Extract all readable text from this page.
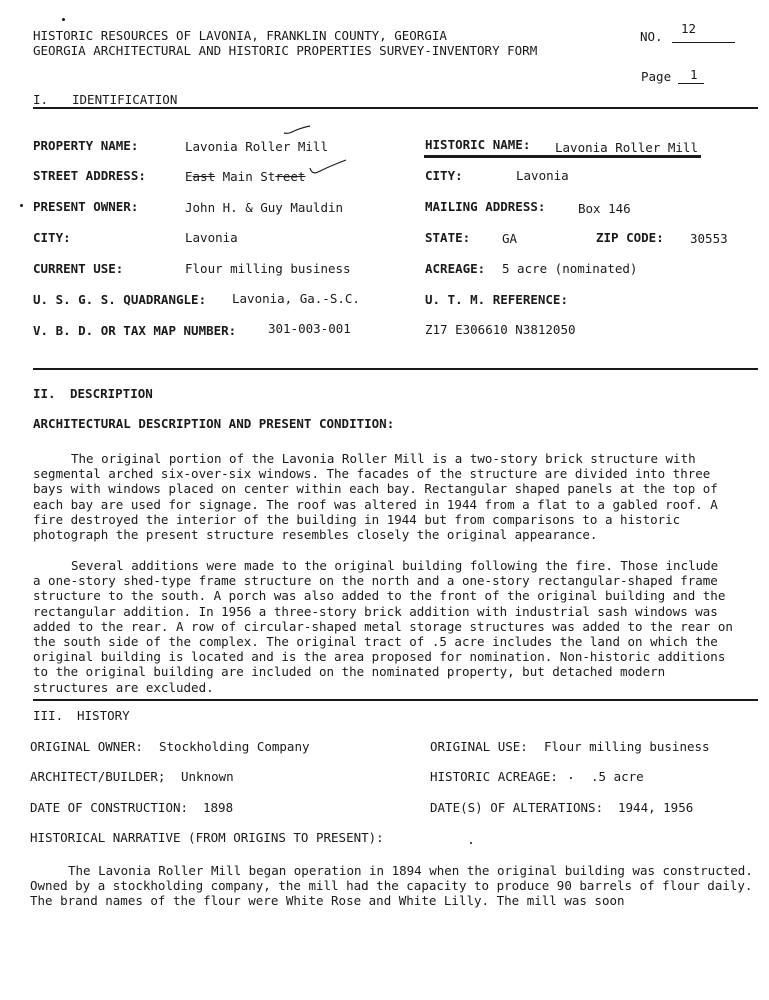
HISTORIC RESOURCES OF LAVONIA, FRANKLIN COUNTY, GEORGIA
GEORGIA ARCHITECTURAL AND HISTORIC PROPERTIES SURVEY-INVENTORY FORM
NO.
12
Page 1
I. IDENTIFICATION
PROPERTY NAME:	Lavonia Roller Mill	HISTORIC NAME: Lavonia Roller Mill
STREET ADDRESS:	East Main Street	CITY:	Lavonia
PRESENT OWNER:	John H. & Guy Mauldin	MAILING ADDRESS:	Box 146
CITY:	Lavonia	STATE:	GA	ZIP CODE: 30553
CURRENT USE:	Flour milling business	ACREAGE: 5 acre (nominated)
U. S. G. S. QUADRANGLE: Lavonia, Ga.-S.C.	U. T. M. REFERENCE:
V. B. D. OR TAX MAP NUMBER:	301-003-001	Z17 E306610 N3812050
II. DESCRIPTION
ARCHITECTURAL DESCRIPTION AND PRESENT CONDITION:

The original portion of the Lavonia Roller Mill is a two-story brick structure with segmental arched six-over-six windows. The facades of the structure are divided into three bays with windows placed on center within each bay. Rectangular shaped panels at the top of each bay are used for signage. The roof was altered in 1944 from a flat to a gabled roof. A fire destroyed the interior of the building in 1944 but from comparisons to a historic photograph the present structure resembles closely the original appearance.

Several additions were made to the original building following the fire. Those include a one-story shed-type frame structure on the north and a one-story rectangular-shaped frame structure to the south. A porch was also added to the front of the original building and the rectangular addition. In 1956 a three-story brick addition with industrial sash windows was added to the rear. A row of circular-shaped metal storage structures was added to the rear on the south side of the complex. The original tract of .5 acre includes the land on which the original building is located and is the area proposed for nomination. Non-historic additions to the original building are included on the nominated property, but detached modern structures are excluded.

III. HISTORY
ORIGINAL OWNER: Stockholding Company	ORIGINAL USE: Flour milling business
ARCHITECT/BUILDER; Unknown	HISTORIC ACREAGE:	.5 acre
DATE OF CONSTRUCTION: 1898	DATE(S) OF ALTERATIONS: 1944, 1956
HISTORICAL NARRATIVE (FROM ORIGINS TO PRESENT):

The Lavonia Roller Mill began operation in 1894 when the original building was constructed. Owned by a stockholding company, the mill had the capacity to produce 90 barrels of flour daily. The brand names of the flour were White Rose and White Lilly. The mill was soon
